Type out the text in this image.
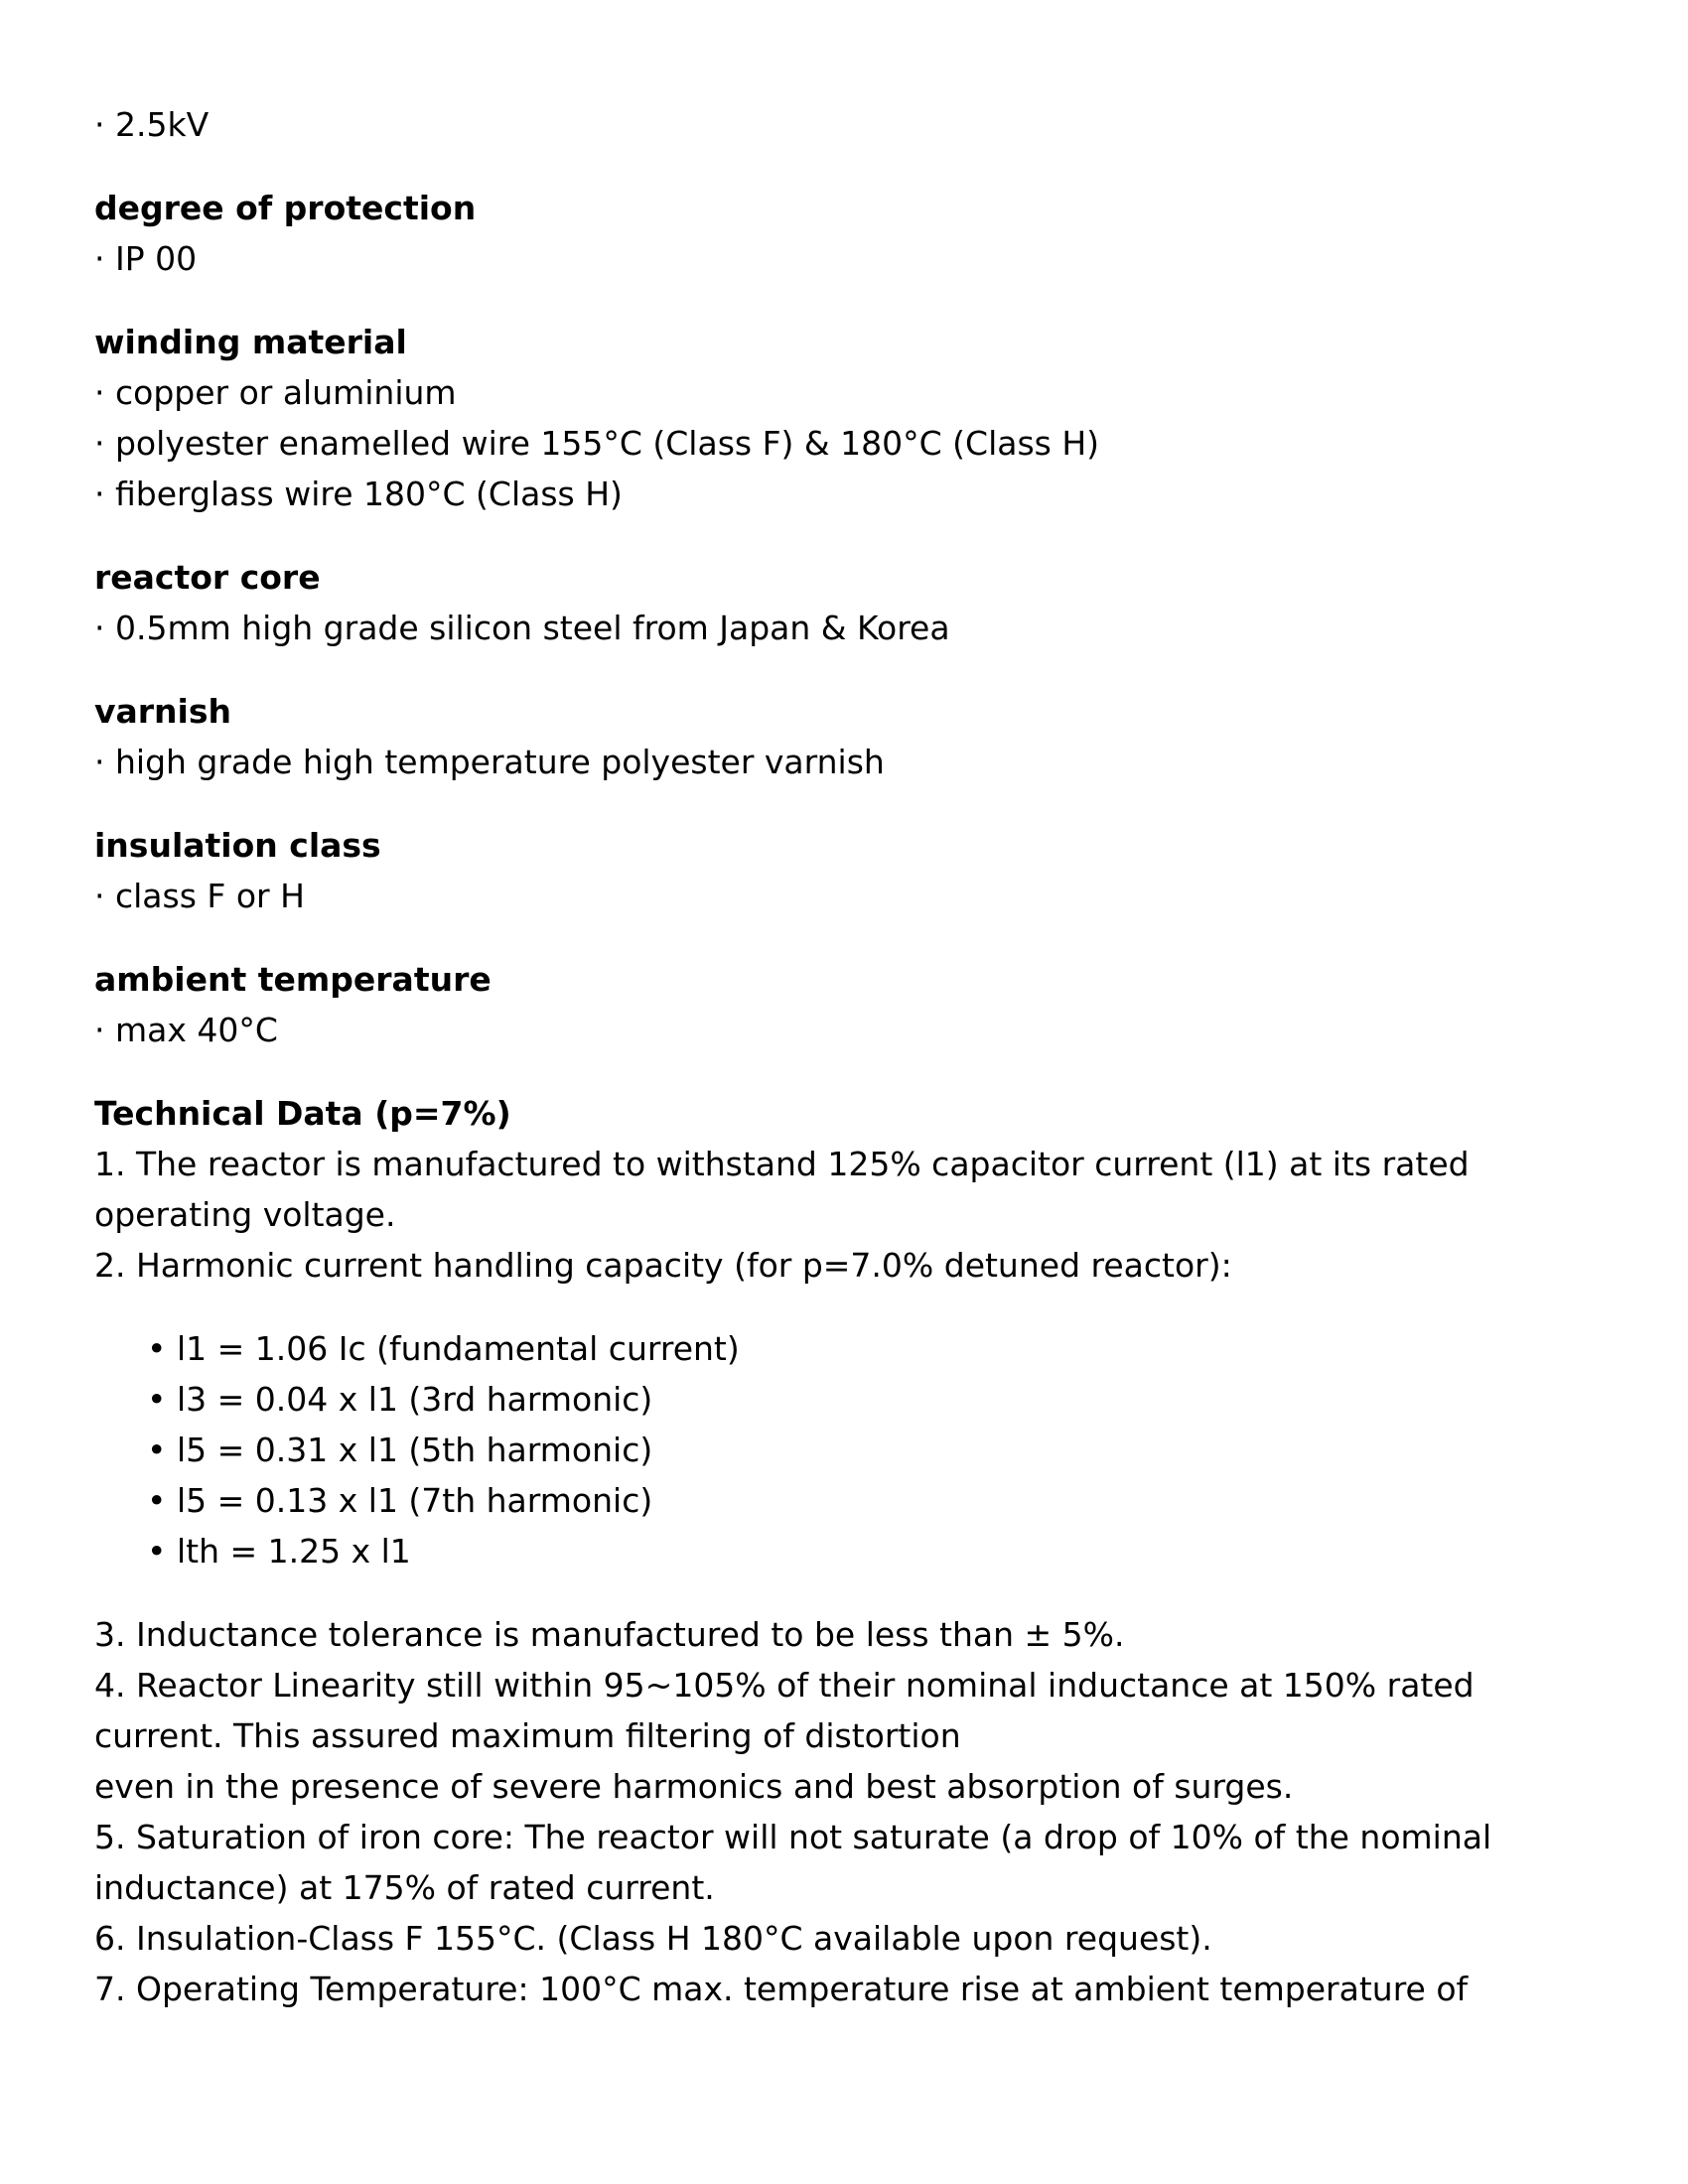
· 2.5kV
degree of protection
· IP 00
winding material
· copper or aluminium
· polyester enamelled wire 155°C (Class F) & 180°C (Class H)
· fiberglass wire 180°C (Class H)
reactor core
· 0.5mm high grade silicon steel from Japan & Korea
varnish
· high grade high temperature polyester varnish
insulation class
· class F or H
ambient temperature
· max 40°C
Technical Data (p=7%)
1. The reactor is manufactured to withstand 125% capacitor current (l1) at its rated operating voltage.
2. Harmonic current handling capacity (for p=7.0% detuned reactor):
• l1 = 1.06 Ic (fundamental current)
• l3 = 0.04 x l1 (3rd harmonic)
• l5 = 0.31 x l1 (5th harmonic)
• l5 = 0.13 x l1 (7th harmonic)
• lth = 1.25 x l1
3. Inductance tolerance is manufactured to be less than ± 5%.
4. Reactor Linearity still within 95~105% of their nominal inductance at 150% rated current. This assured maximum filtering of distortion
even in the presence of severe harmonics and best absorption of surges.
5. Saturation of iron core: The reactor will not saturate (a drop of 10% of the nominal inductance) at 175% of rated current.
6. Insulation-Class F 155°C. (Class H 180°C available upon request).
7. Operating Temperature: 100°C max. temperature rise at ambient temperature of
